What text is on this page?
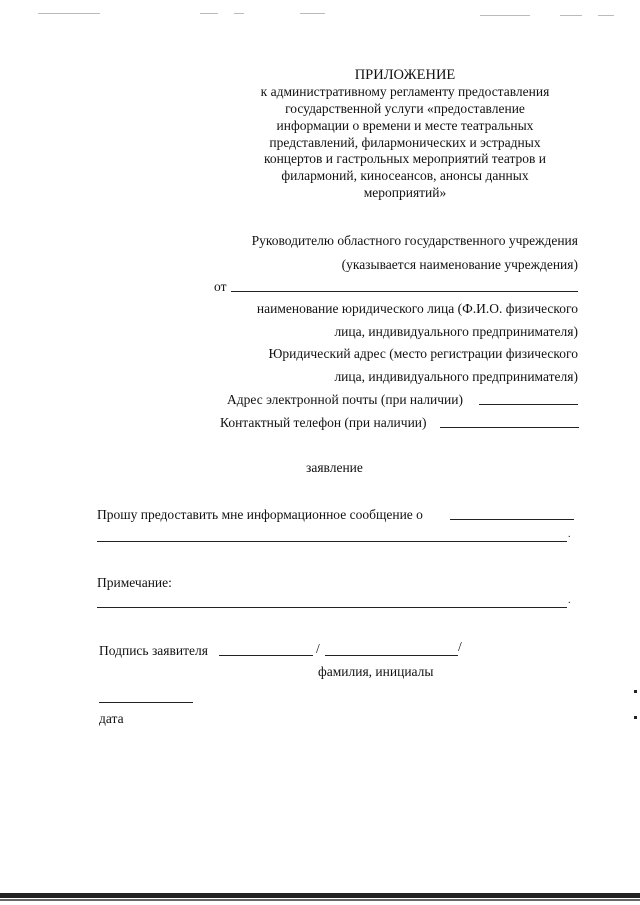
ПРИЛОЖЕНИЕ
к административному регламенту предоставления
государственной услуги «предоставление
информации о времени и месте театральных
представлений, филармонических и эстрадных
концертов и гастрольных мероприятий театров и
филармоний, киносеансов, анонсы данных
мероприятий»
Руководителю областного государственного учреждения
(указывается наименование учреждения)
от
наименование юридического лица (Ф.И.О. физического
лица, индивидуального предпринимателя)
Юридический адрес (место регистрации физического
лица, индивидуального предпринимателя)
Адрес электронной почты (при наличии)
Контактный телефон (при наличии)
заявление
Прошу предоставить мне информационное сообщение о
.
Примечание:
.
Подпись заявителя	/	/
фамилия, инициалы
дата
